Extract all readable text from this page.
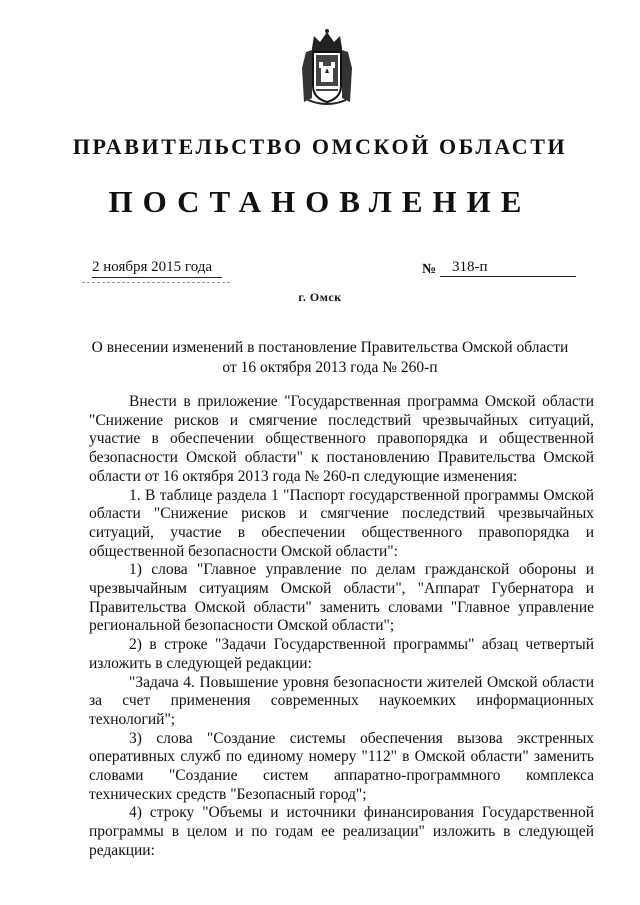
ПРАВИТЕЛЬСТВО ОМСКОЙ ОБЛАСТИ
ПОСТАНОВЛЕНИЕ
2 ноября 2015 года	№	318-п
г. Омск
О внесении изменений в постановление Правительства Омской области
от 16 октября 2013 года № 260-п

Внести в приложение "Государственная программа Омской области "Снижение рисков и смягчение последствий чрезвычайных ситуаций, участие в обеспечении общественного правопорядка и общественной безопасности Омской области" к постановлению Правительства Омской области от 16 октября 2013 года № 260-п следующие изменения:

1. В таблице раздела 1 "Паспорт государственной программы Омской области "Снижение рисков и смягчение последствий чрезвычайных ситуаций, участие в обеспечении общественного правопорядка и общественной безопасности Омской области":

1) слова "Главное управление по делам гражданской обороны и чрезвычайным ситуациям Омской области", "Аппарат Губернатора и Правительства Омской области" заменить словами "Главное управление региональной безопасности Омской области";

2) в строке "Задачи Государственной программы" абзац четвертый изложить в следующей редакции:

"Задача 4. Повышение уровня безопасности жителей Омской области за счет применения современных наукоемких информационных технологий";

3) слова "Создание системы обеспечения вызова экстренных оперативных служб по единому номеру "112" в Омской области" заменить словами "Создание систем аппаратно-программного комплекса технических средств "Безопасный город";

4) строку "Объемы и источники финансирования Государственной программы в целом и по годам ее реализации" изложить в следующей редакции:
